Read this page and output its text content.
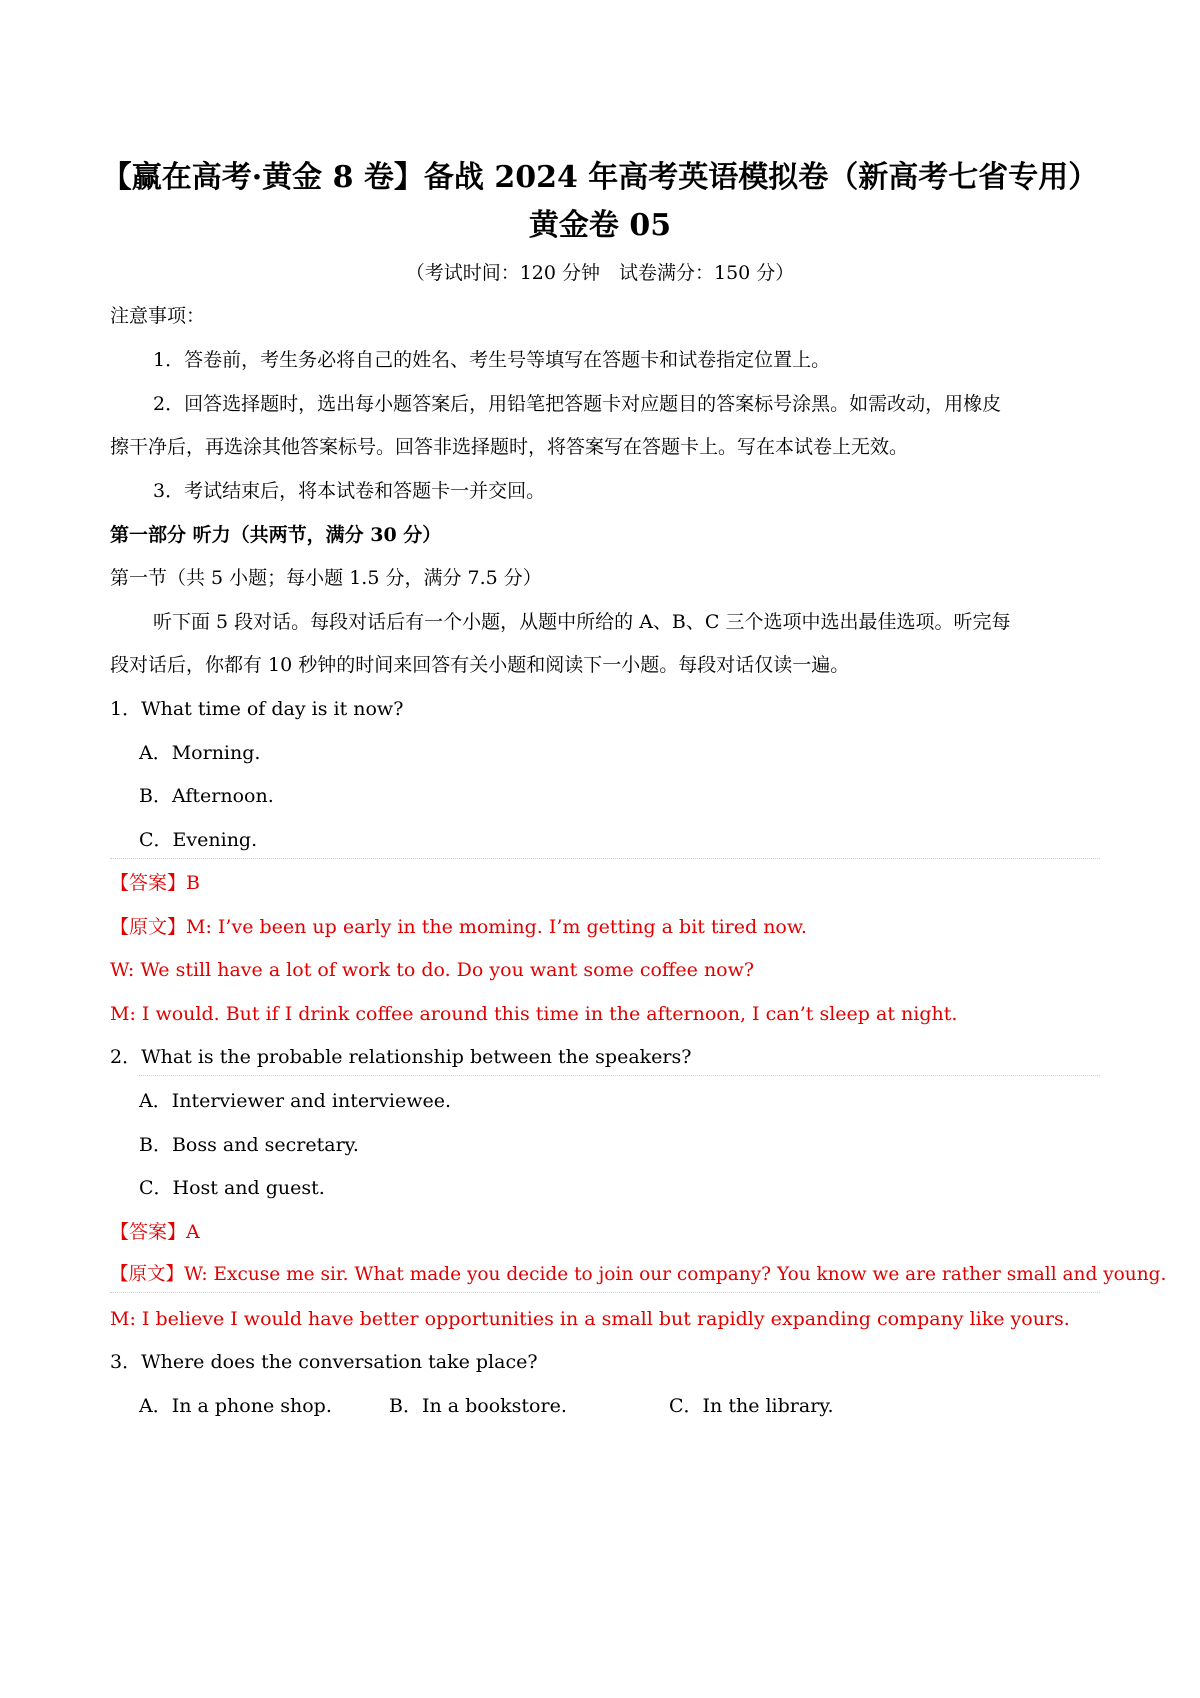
【赢在高考·黄金 8 卷】备战 2024 年高考英语模拟卷（新高考七省专用）
黄金卷 05
（考试时间：120 分钟　试卷满分：150 分）
注意事项：
1．答卷前，考生务必将自己的姓名、考生号等填写在答题卡和试卷指定位置上。
2．回答选择题时，选出每小题答案后，用铅笔把答题卡对应题目的答案标号涂黑。如需改动，用橡皮
擦干净后，再选涂其他答案标号。回答非选择题时，将答案写在答题卡上。写在本试卷上无效。
3．考试结束后，将本试卷和答题卡一并交回。
第一部分 听力（共两节，满分 30 分）
第一节（共 5 小题；每小题 1.5 分，满分 7.5 分）
听下面 5 段对话。每段对话后有一个小题，从题中所给的 A、B、C 三个选项中选出最佳选项。听完每
段对话后，你都有 10 秒钟的时间来回答有关小题和阅读下一小题。每段对话仅读一遍。
1．What time of day is it now?
A．Morning.
B．Afternoon.
C．Evening.
【答案】B
【原文】M: I’ve been up early in the moming. I’m getting a bit tired now.
W: We still have a lot of work to do. Do you want some coffee now?
M: I would. But if I drink coffee around this time in the afternoon, I can’t sleep at night.
2．What is the probable relationship between the speakers?
A．Interviewer and interviewee.
B．Boss and secretary.
C．Host and guest.
【答案】A
【原文】W: Excuse me sir. What made you decide to join our company? You know we are rather small and young.
M: I believe I would have better opportunities in a small but rapidly expanding company like yours.
3．Where does the conversation take place?
A．In a phone shop.	B．In a bookstore.	C．In the library.
